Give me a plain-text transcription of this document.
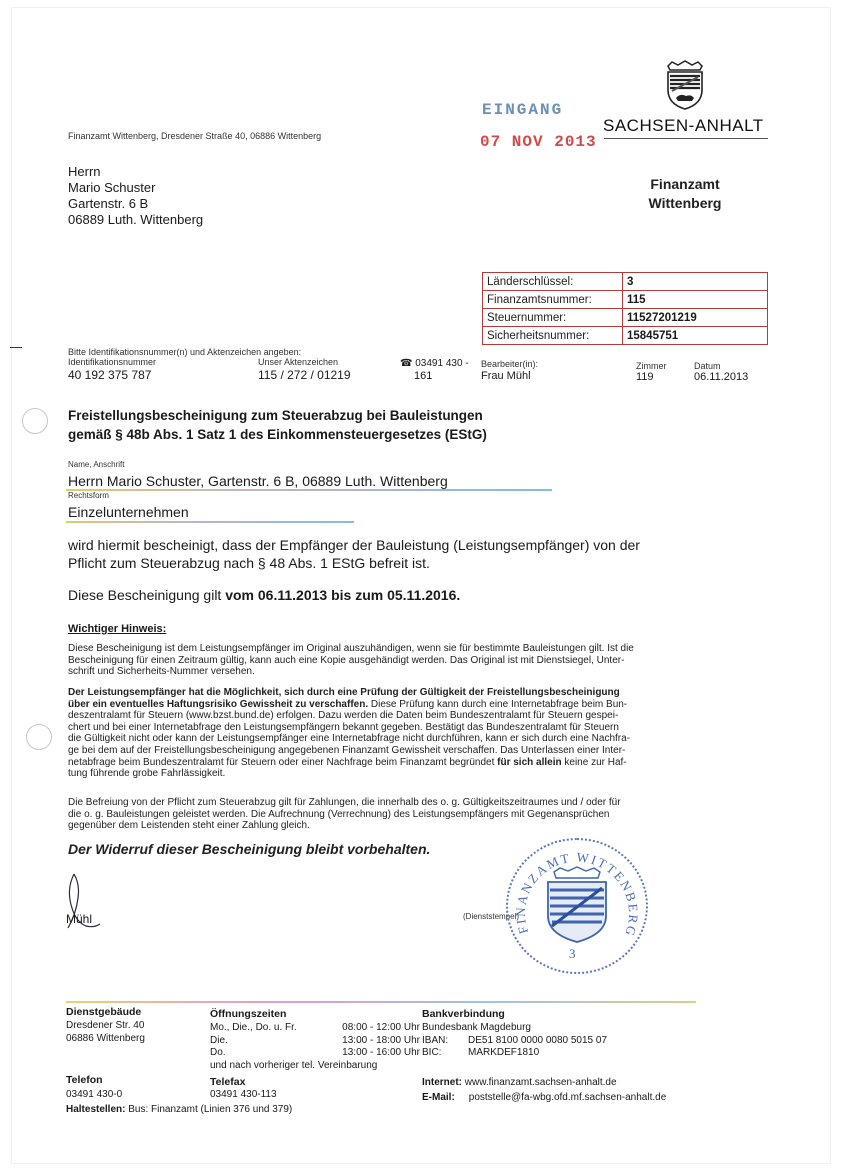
Finanzamt Wittenberg, Dresdener Straße 40, 06886 Wittenberg
EINGANG
07 NOV 2013
SACHSEN-ANHALT
Finanzamt
Wittenberg
Herrn
Mario Schuster
Gartenstr. 6 B
06889 Luth. Wittenberg
Länderschlüssel:	3
Finanzamtsnummer:	115
Steuernummer:	11527201219
Sicherheitsnummer:	15845751
Bitte Identifikationsnummer(n) und Aktenzeichen angeben:
Identifikationsnummer
40 192 375 787
Unser Aktenzeichen
115 / 272 / 01219
☎ 03491 430 -
161
Bearbeiter(in):
Frau Mühl
Zimmer
119
Datum
06.11.2013
Freistellungsbescheinigung zum Steuerabzug bei Bauleistungen
gemäß § 48b Abs. 1 Satz 1 des Einkommensteuergesetzes (EStG)
Name, Anschrift
Herrn Mario Schuster, Gartenstr. 6 B, 06889 Luth. Wittenberg
Rechtsform
Einzelunternehmen
wird hiermit bescheinigt, dass der Empfänger der Bauleistung (Leistungsempfänger) von der
Pflicht zum Steuerabzug nach § 48 Abs. 1 EStG befreit ist.
Diese Bescheinigung gilt vom 06.11.2013 bis zum 05.11.2016.
Wichtiger Hinweis:
Diese Bescheinigung ist dem Leistungsempfänger im Original auszuhändigen, wenn sie für bestimmte Bauleistungen gilt. Ist die
Bescheinigung für einen Zeitraum gültig, kann auch eine Kopie ausgehändigt werden. Das Original ist mit Dienstsiegel, Unter-
schrift und Sicherheits-Nummer versehen.
Der Leistungsempfänger hat die Möglichkeit, sich durch eine Prüfung der Gültigkeit der Freistellungsbescheinigung
über ein eventuelles Haftungsrisiko Gewissheit zu verschaffen. Diese Prüfung kann durch eine Internetabfrage beim Bun-
deszentralamt für Steuern (www.bzst.bund.de) erfolgen. Dazu werden die Daten beim Bundeszentralamt für Steuern gespei-
chert und bei einer Internetabfrage den Leistungsempfängern bekannt gegeben. Bestätigt das Bundeszentralamt für Steuern
die Gültigkeit nicht oder kann der Leistungsempfänger eine Internetabfrage nicht durchführen, kann er sich durch eine Nachfra-
ge bei dem auf der Freistellungsbescheinigung angegebenen Finanzamt Gewissheit verschaffen. Das Unterlassen einer Inter-
netabfrage beim Bundeszentralamt für Steuern oder einer Nachfrage beim Finanzamt begründet für sich allein keine zur Haf-
tung führende grobe Fahrlässigkeit.
Die Befreiung von der Pflicht zum Steuerabzug gilt für Zahlungen, die innerhalb des o. g. Gültigkeitszeitraumes und / oder für
die o. g. Bauleistungen geleistet werden. Die Aufrechnung (Verrechnung) des Leistungsempfängers mit Gegenansprüchen
gegenüber dem Leistenden steht einer Zahlung gleich.
Der Widerruf dieser Bescheinigung bleibt vorbehalten.
Mühl	(Dienststempel)
FINANZAMT WITTENBERG
3
Dienstgebäude
Dresdener Str. 40
06886 Wittenberg
Öffnungszeiten
Mo., Die., Do. u. Fr.	08:00 - 12:00 Uhr
Die.	13:00 - 18:00 Uhr
Do.	13:00 - 16:00 Uhr
und nach vorheriger tel. Vereinbarung
Bankverbindung
Bundesbank Magdeburg
IBAN: DE51 8100 0000 0080 5015 07
BIC:	MARKDEF1810
Telefon
03491 430-0
Telefax
03491 430-113
Internet: www.finanzamt.sachsen-anhalt.de
E-Mail: poststelle@fa-wbg.ofd.mf.sachsen-anhalt.de
Haltestellen: Bus: Finanzamt (Linien 376 und 379)
